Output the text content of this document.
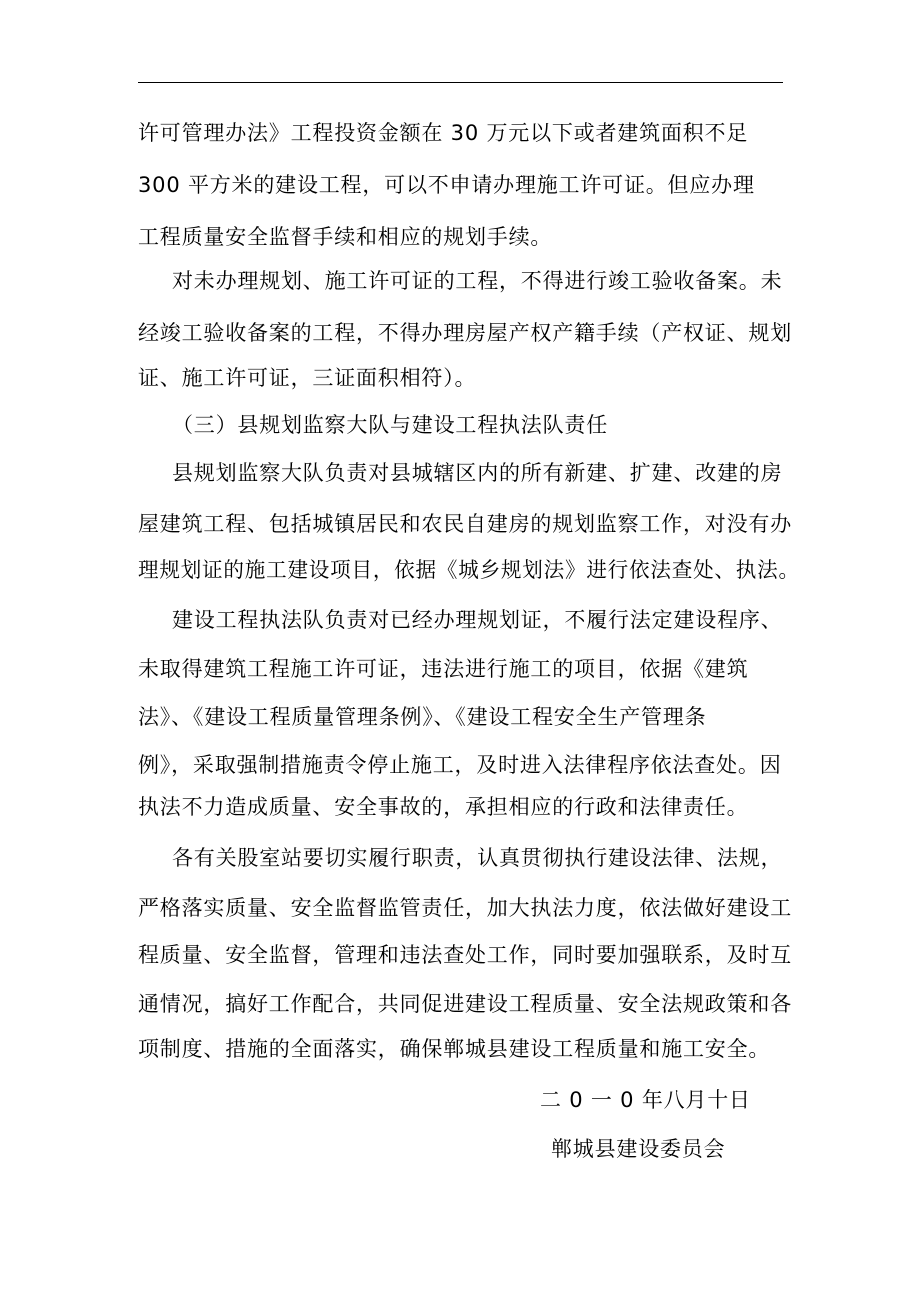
许可管理办法》工程投资金额在 30 万元以下或者建筑面积不足
300 平方米的建设工程，可以不申请办理施工许可证。但应办理
工程质量安全监督手续和相应的规划手续。
对未办理规划、施工许可证的工程，不得进行竣工验收备案。未
经竣工验收备案的工程，不得办理房屋产权产籍手续（产权证、规划
证、施工许可证，三证面积相符）。
（三）县规划监察大队与建设工程执法队责任
县规划监察大队负责对县城辖区内的所有新建、扩建、改建的房
屋建筑工程、包括城镇居民和农民自建房的规划监察工作，对没有办
理规划证的施工建设项目，依据《城乡规划法》进行依法查处、执法。
建设工程执法队负责对已经办理规划证，不履行法定建设程序、
未取得建筑工程施工许可证，违法进行施工的项目，依据《建筑
法》、《建设工程质量管理条例》、《建设工程安全生产管理条
例》，采取强制措施责令停止施工，及时进入法律程序依法查处。因
执法不力造成质量、安全事故的，承担相应的行政和法律责任。
各有关股室站要切实履行职责，认真贯彻执行建设法律、法规，
严格落实质量、安全监督监管责任，加大执法力度，依法做好建设工
程质量、安全监督，管理和违法查处工作，同时要加强联系，及时互
通情况，搞好工作配合，共同促进建设工程质量、安全法规政策和各
项制度、措施的全面落实，确保郸城县建设工程质量和施工安全。
二 0 一 0 年八月十日
郸城县建设委员会
